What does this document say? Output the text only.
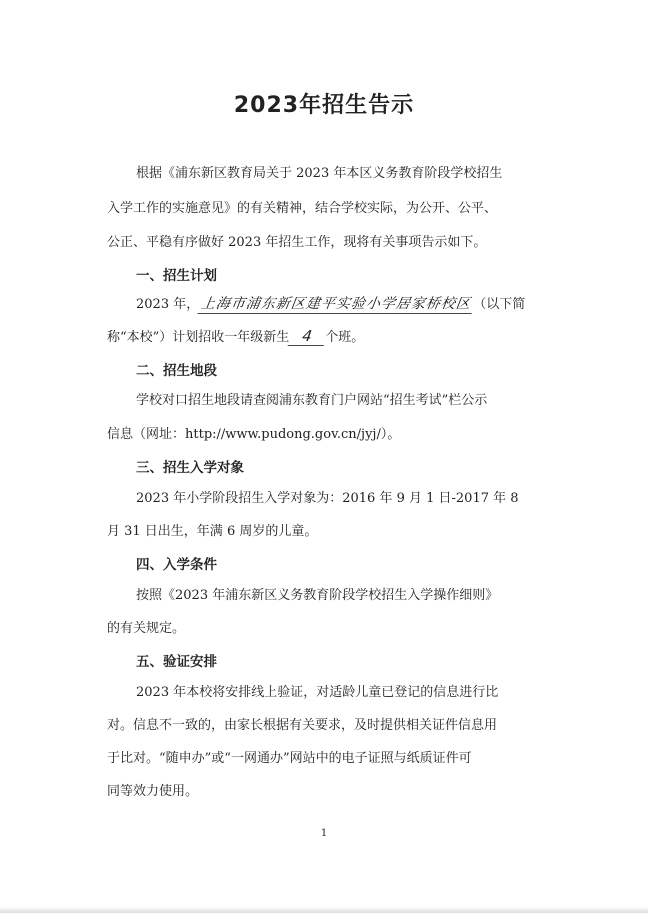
2023年招生告示
根据《浦东新区教育局关于 2023 年本区义务教育阶段学校招生
入学工作的实施意见》的有关精神，结合学校实际，为公开、公平、
公正、平稳有序做好 2023 年招生工作，现将有关事项告示如下。
一、招生计划
2023 年，上海市浦东新区建平实验小学居家桥校区（以下简
称“本校”）计划招收一年级新生 4 个班。
二、招生地段
学校对口招生地段请查阅浦东教育门户网站“招生考试”栏公示
信息（网址：http://www.pudong.gov.cn/jyj/）。
三、招生入学对象
2023 年小学阶段招生入学对象为：2016 年 9 月 1 日-2017 年 8
月 31 日出生，年满 6 周岁的儿童。
四、入学条件
按照《2023 年浦东新区义务教育阶段学校招生入学操作细则》
的有关规定。
五、验证安排
2023 年本校将安排线上验证，对适龄儿童已登记的信息进行比
对。信息不一致的，由家长根据有关要求，及时提供相关证件信息用
于比对。“随申办”或“一网通办”网站中的电子证照与纸质证件可
同等效力使用。
1
